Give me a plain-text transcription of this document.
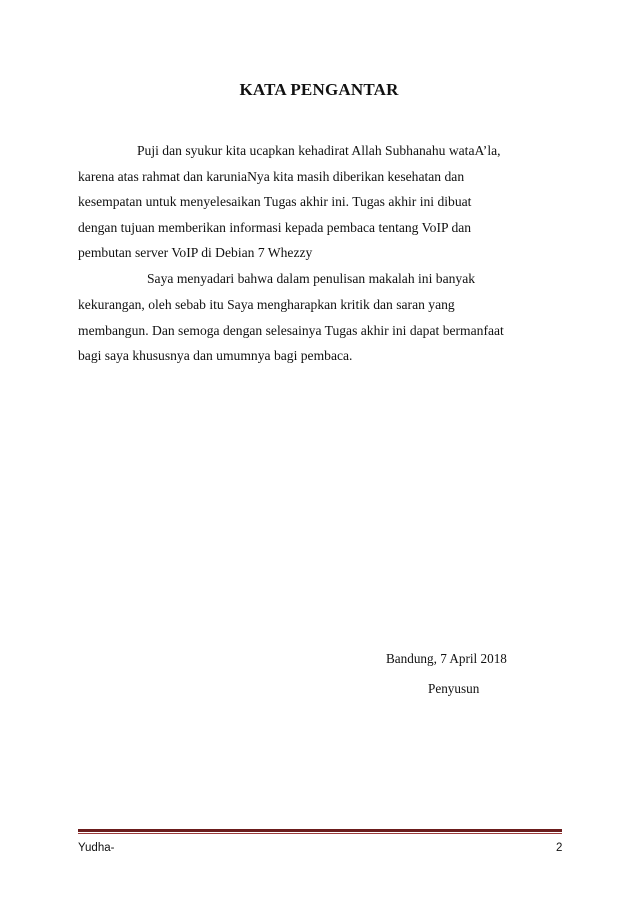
KATA PENGANTAR
Puji dan syukur kita ucapkan kehadirat Allah Subhanahu wataA’la,
karena atas rahmat dan karuniaNya kita masih diberikan kesehatan dan
kesempatan untuk menyelesaikan Tugas akhir ini. Tugas akhir ini dibuat
dengan tujuan memberikan informasi kepada pembaca tentang VoIP dan
pembutan server VoIP di Debian 7 Whezzy
Saya menyadari bahwa dalam penulisan makalah ini banyak
kekurangan, oleh sebab itu Saya mengharapkan kritik dan saran yang
membangun. Dan semoga dengan selesainya Tugas akhir ini dapat bermanfaat
bagi saya khususnya dan umumnya bagi pembaca.
Bandung, 7 April 2018
Penyusun
Yudha-	2
